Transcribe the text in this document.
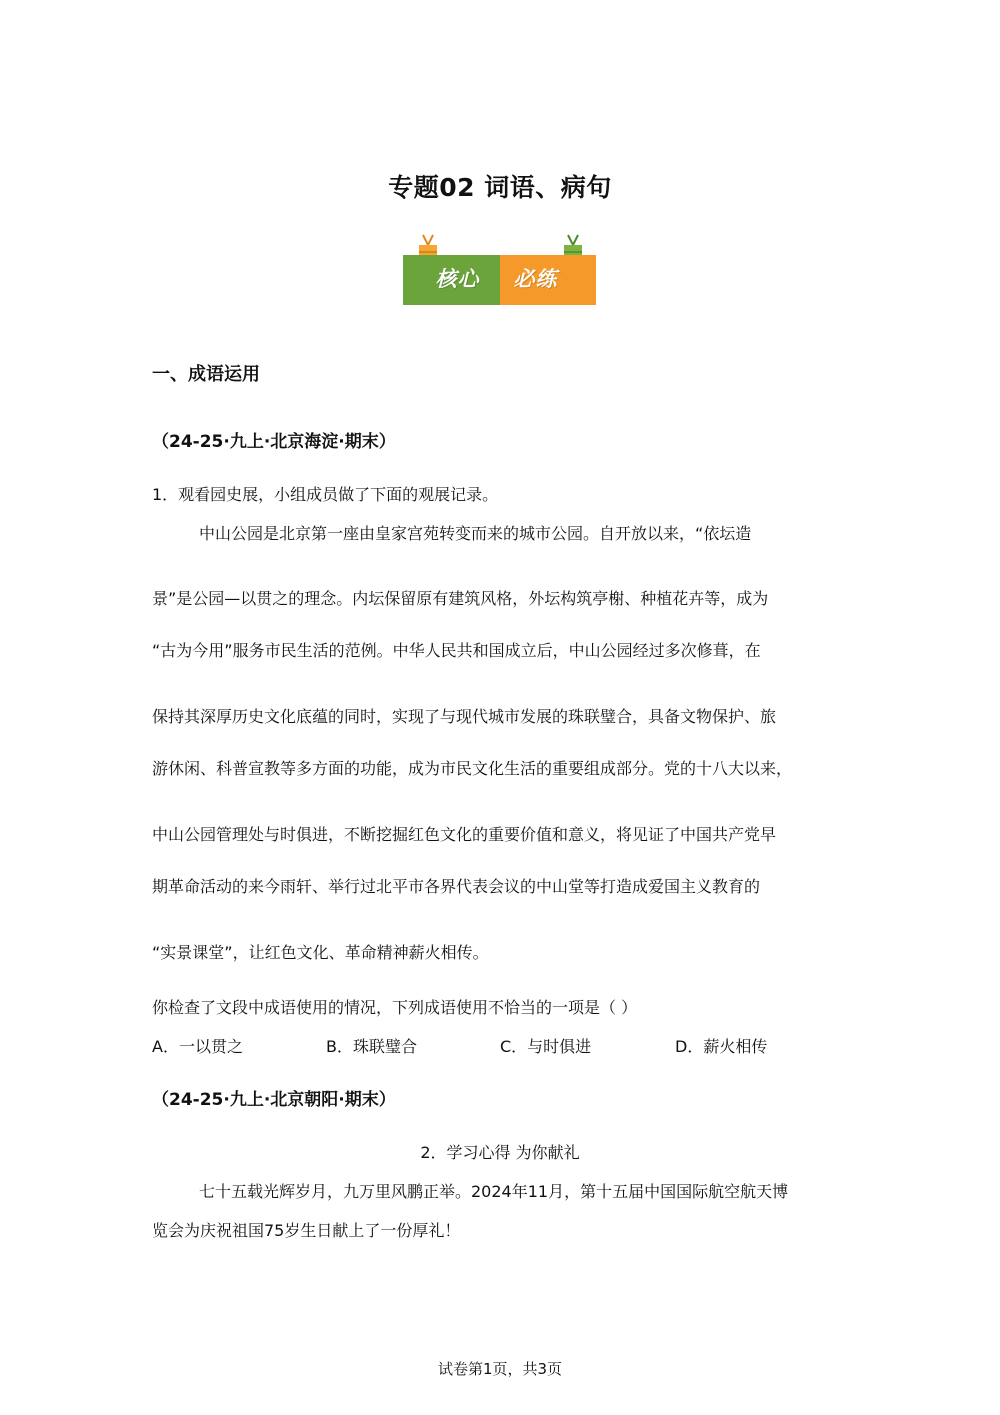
专题02 词语、病句
核心	必练
一、成语运用
（24-25·九上·北京海淀·期末）
1．观看园史展，小组成员做了下面的观展记录。
中山公园是北京第一座由皇家宫苑转变而来的城市公园。自开放以来，“依坛造
景”是公园—以贯之的理念。内坛保留原有建筑风格，外坛构筑亭榭、种植花卉等，成为
“古为今用”服务市民生活的范例。中华人民共和国成立后，中山公园经过多次修葺，在
保持其深厚历史文化底蕴的同时，实现了与现代城市发展的珠联璧合，具备文物保护、旅
游休闲、科普宣教等多方面的功能，成为市民文化生活的重要组成部分。党的十八大以来，
中山公园管理处与时俱进，不断挖掘红色文化的重要价值和意义，将见证了中国共产党早
期革命活动的来今雨轩、举行过北平市各界代表会议的中山堂等打造成爱国主义教育的
“实景课堂”，让红色文化、革命精神薪火相传。
你检查了文段中成语使用的情况，下列成语使用不恰当的一项是（ ）
A．一以贯之	B．珠联璧合	C．与时俱进	D．薪火相传
（24-25·九上·北京朝阳·期末）
2．学习心得 为你献礼
七十五载光辉岁月，九万里风鹏正举。2024年11月，第十五届中国国际航空航天博
览会为庆祝祖国75岁生日献上了一份厚礼！
试卷第1页，共3页
